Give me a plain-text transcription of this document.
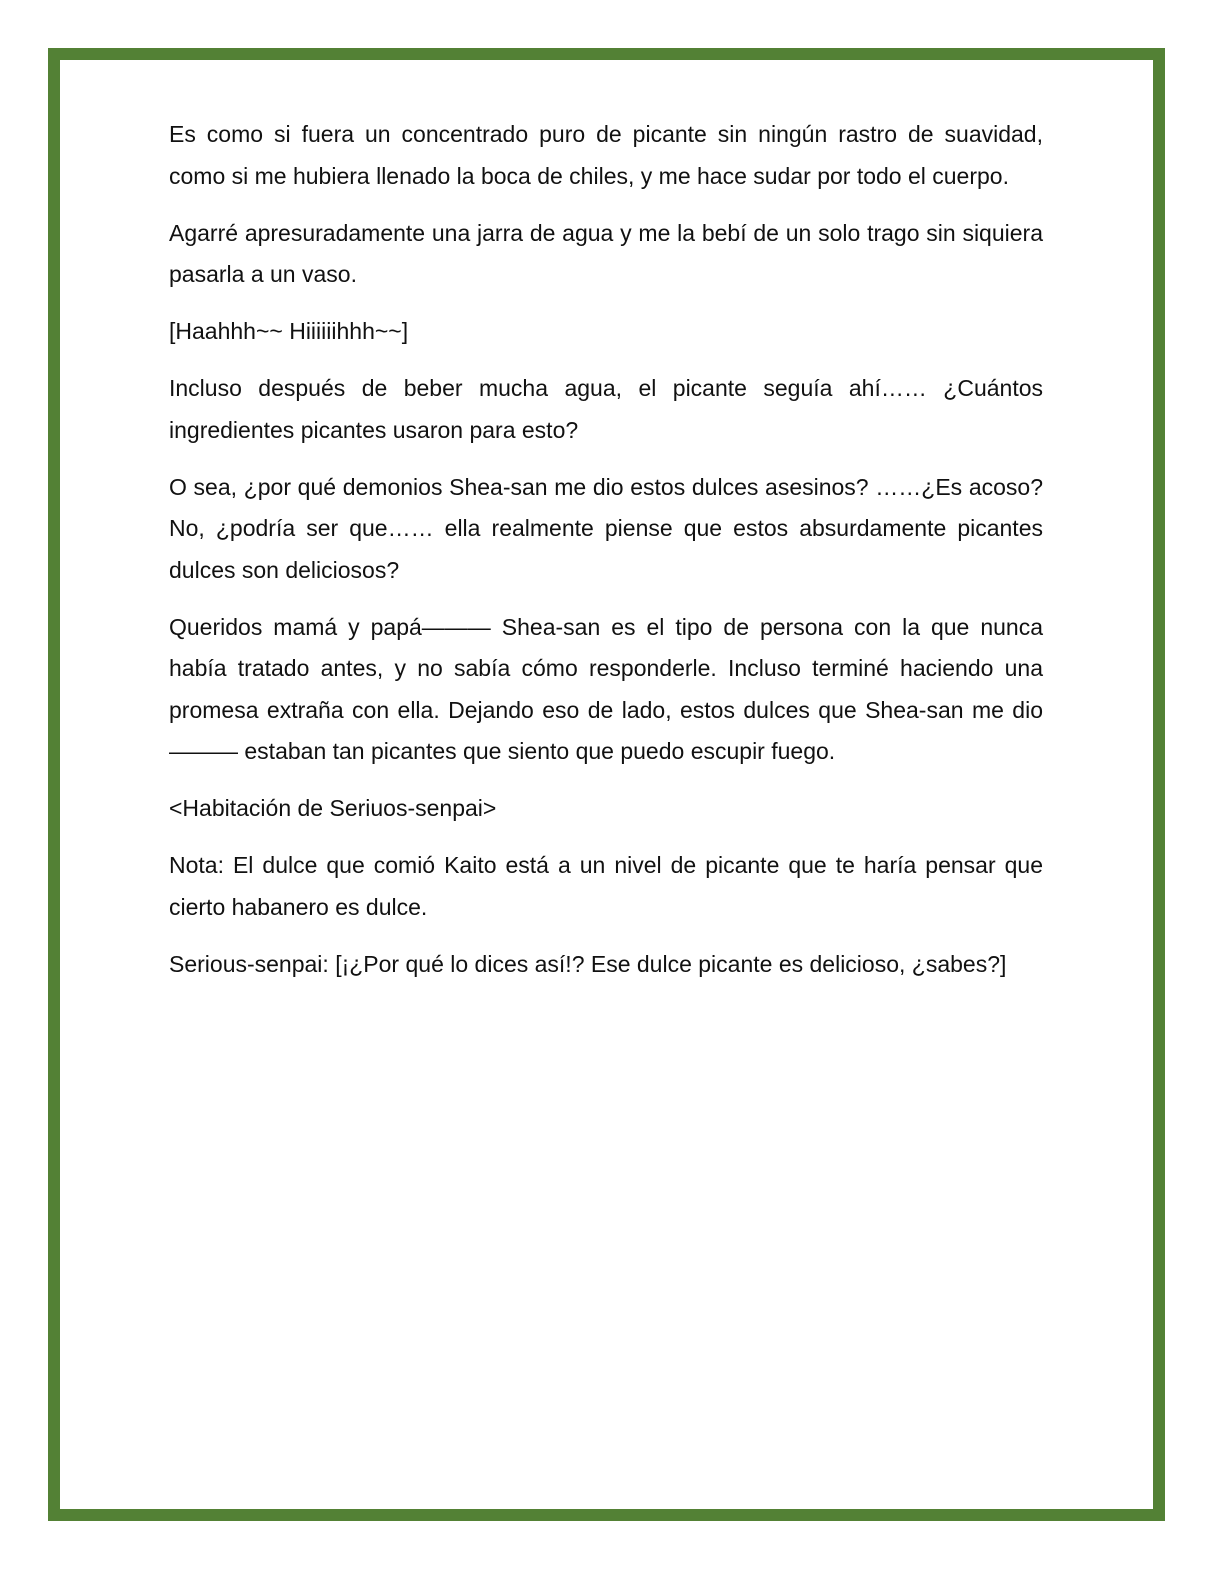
Es como si fuera un concentrado puro de picante sin ningún rastro de suavidad, como si me hubiera llenado la boca de chiles, y me hace sudar por todo el cuerpo.

Agarré apresuradamente una jarra de agua y me la bebí de un solo trago sin siquiera pasarla a un vaso.

[Haahhh~~ Hiiiiiihhh~~]

Incluso después de beber mucha agua, el picante seguía ahí…… ¿Cuántos ingredientes picantes usaron para esto?

O sea, ¿por qué demonios Shea-san me dio estos dulces asesinos? ……¿Es acoso? No, ¿podría ser que…… ella realmente piense que estos absurdamente picantes dulces son deliciosos?

Queridos mamá y papá——— Shea-san es el tipo de persona con la que nunca había tratado antes, y no sabía cómo responderle. Incluso terminé haciendo una promesa extraña con ella. Dejando eso de lado, estos dulces que Shea-san me dio——— estaban tan picantes que siento que puedo escupir fuego.

<Habitación de Seriuos-senpai>

Nota: El dulce que comió Kaito está a un nivel de picante que te haría pensar que cierto habanero es dulce.

Serious-senpai: [¡¿Por qué lo dices así!? Ese dulce picante es delicioso, ¿sabes?]
